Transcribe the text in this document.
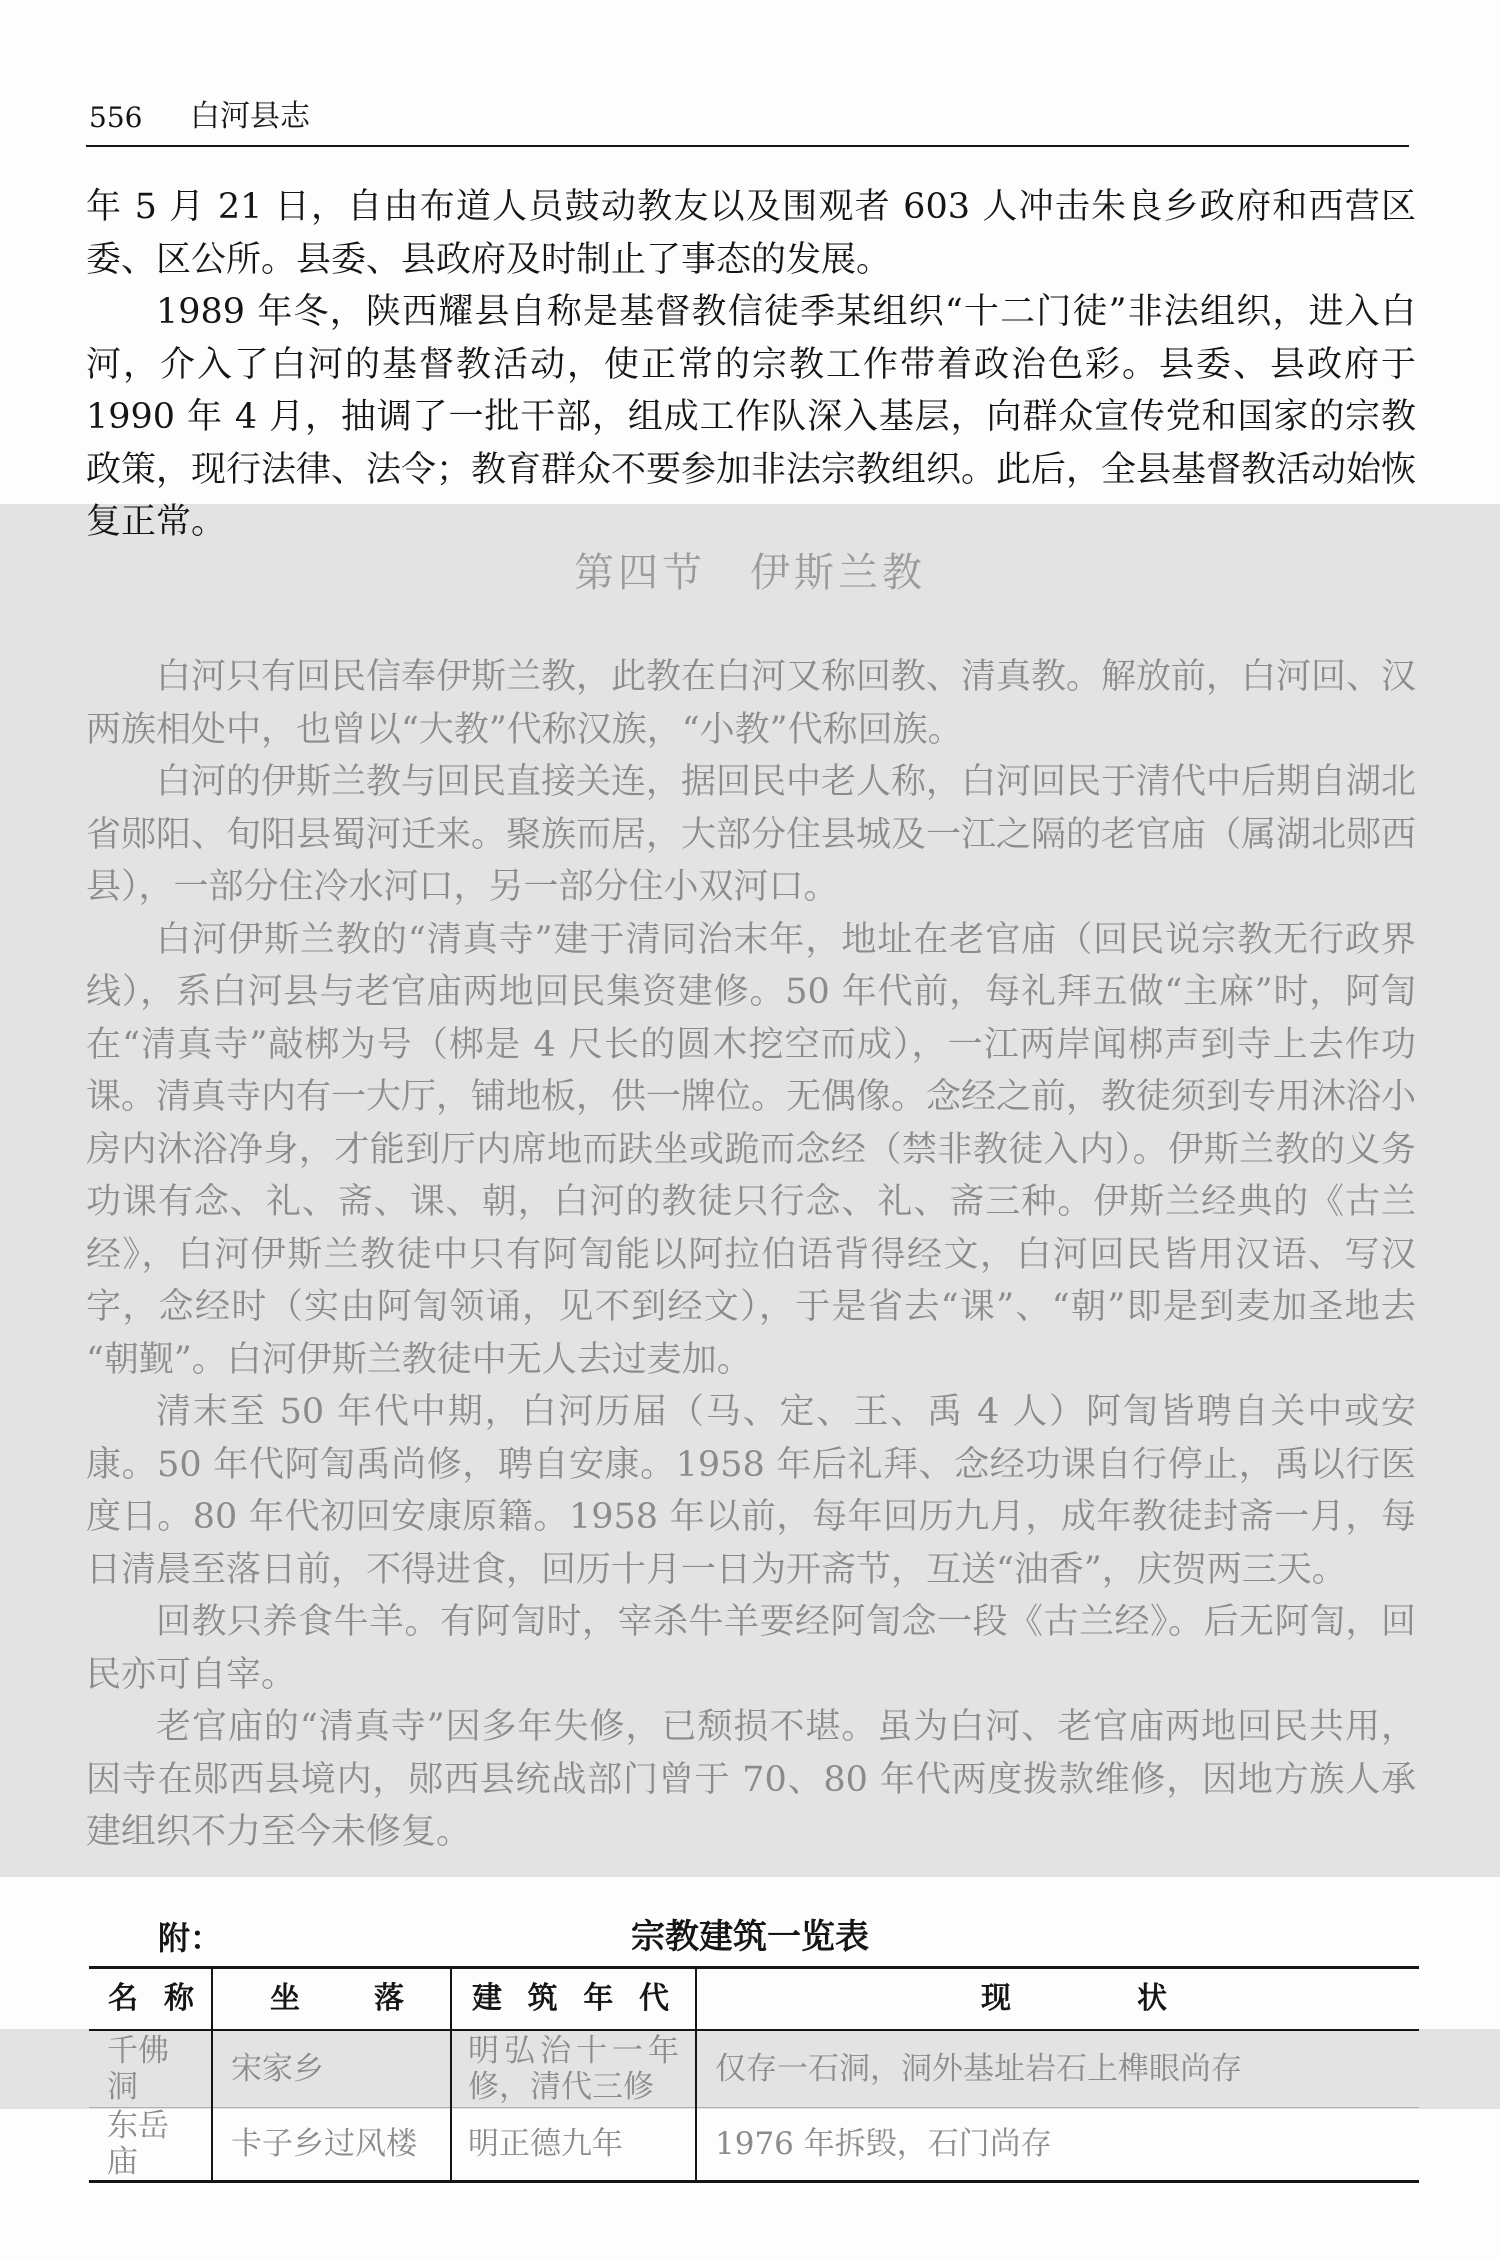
556 白河县志

年 5 月 21 日，自由布道人员鼓动教友以及围观者 603 人冲击朱良乡政府和西营区委、区公所。县委、县政府及时制止了事态的发展。

1989 年冬，陕西耀县自称是基督教信徒季某组织“十二门徒”非法组织，进入白河，介入了白河的基督教活动，使正常的宗教工作带着政治色彩。县委、县政府于 1990 年 4 月，抽调了一批干部，组成工作队深入基层，向群众宣传党和国家的宗教政策，现行法律、法令；教育群众不要参加非法宗教组织。此后，全县基督教活动始恢复正常。

第四节　伊斯兰教

白河只有回民信奉伊斯兰教，此教在白河又称回教、清真教。解放前，白河回、汉两族相处中，也曾以“大教”代称汉族，“小教”代称回族。

白河的伊斯兰教与回民直接关连，据回民中老人称，白河回民于清代中后期自湖北省郧阳、旬阳县蜀河迁来。聚族而居，大部分住县城及一江之隔的老官庙（属湖北郧西县），一部分住冷水河口，另一部分住小双河口。

白河伊斯兰教的“清真寺”建于清同治末年，地址在老官庙（回民说宗教无行政界线），系白河县与老官庙两地回民集资建修。50 年代前，每礼拜五做“主麻”时，阿訇在“清真寺”敲梆为号（梆是 4 尺长的圆木挖空而成），一江两岸闻梆声到寺上去作功课。清真寺内有一大厅，铺地板，供一牌位。无偶像。念经之前，教徒须到专用沐浴小房内沐浴净身，才能到厅内席地而趺坐或跪而念经（禁非教徒入内）。伊斯兰教的义务功课有念、礼、斋、课、朝，白河的教徒只行念、礼、斋三种。伊斯兰经典的《古兰经》，白河伊斯兰教徒中只有阿訇能以阿拉伯语背得经文，白河回民皆用汉语、写汉字，念经时（实由阿訇领诵，见不到经文），于是省去“课”、“朝”即是到麦加圣地去“朝觐”。白河伊斯兰教徒中无人去过麦加。

清末至 50 年代中期，白河历届（马、定、王、禹 4 人）阿訇皆聘自关中或安康。50 年代阿訇禹尚修，聘自安康。1958 年后礼拜、念经功课自行停止，禹以行医度日。80 年代初回安康原籍。1958 年以前，每年回历九月，成年教徒封斋一月，每日清晨至落日前，不得进食，回历十月一日为开斋节，互送“油香”，庆贺两三天。

回教只养食牛羊。有阿訇时，宰杀牛羊要经阿訇念一段《古兰经》。后无阿訇，回民亦可自宰。

老官庙的“清真寺”因多年失修，已颓损不堪。虽为白河、老官庙两地回民共用，因寺在郧西县境内，郧西县统战部门曾于 70、80 年代两度拨款维修，因地方族人承建组织不力至今未修复。

附：	宗教建筑一览表
名 称	坐 落	建 筑 年 代	现 状
千佛洞	宋家乡	明弘治十一年修，清代三修	仅存一石洞，洞外基址岩石上榫眼尚存
东岳庙	卡子乡过风楼	明正德九年	1976 年拆毁，石门尚存
